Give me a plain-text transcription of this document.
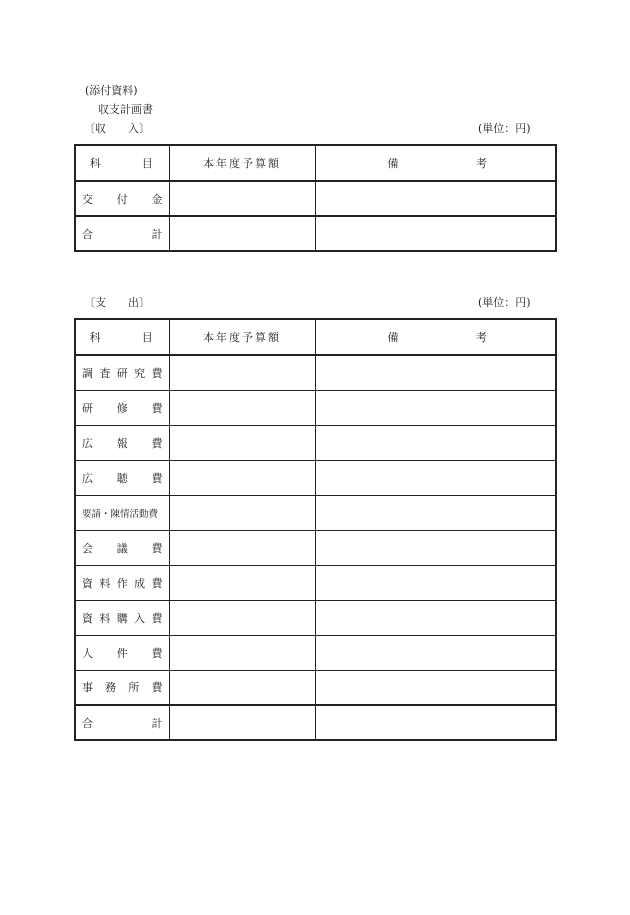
(添付資料)
収支計画書
〔収　　入〕	(単位：円)
科　　　目	本年度予算額	備 考

交 付 金		

合 計		

〔支　　出〕	(単位：円)
科　　　目	本年度予算額	備 考

調 査 研 究 費		

研 修 費		

広 報 費		

広 聴 費		

要請・陳情活動費		

会 議 費		

資 料 作 成 費		

資 料 購 入 費		

人 件 費		

事 務 所 費		

合 計		
